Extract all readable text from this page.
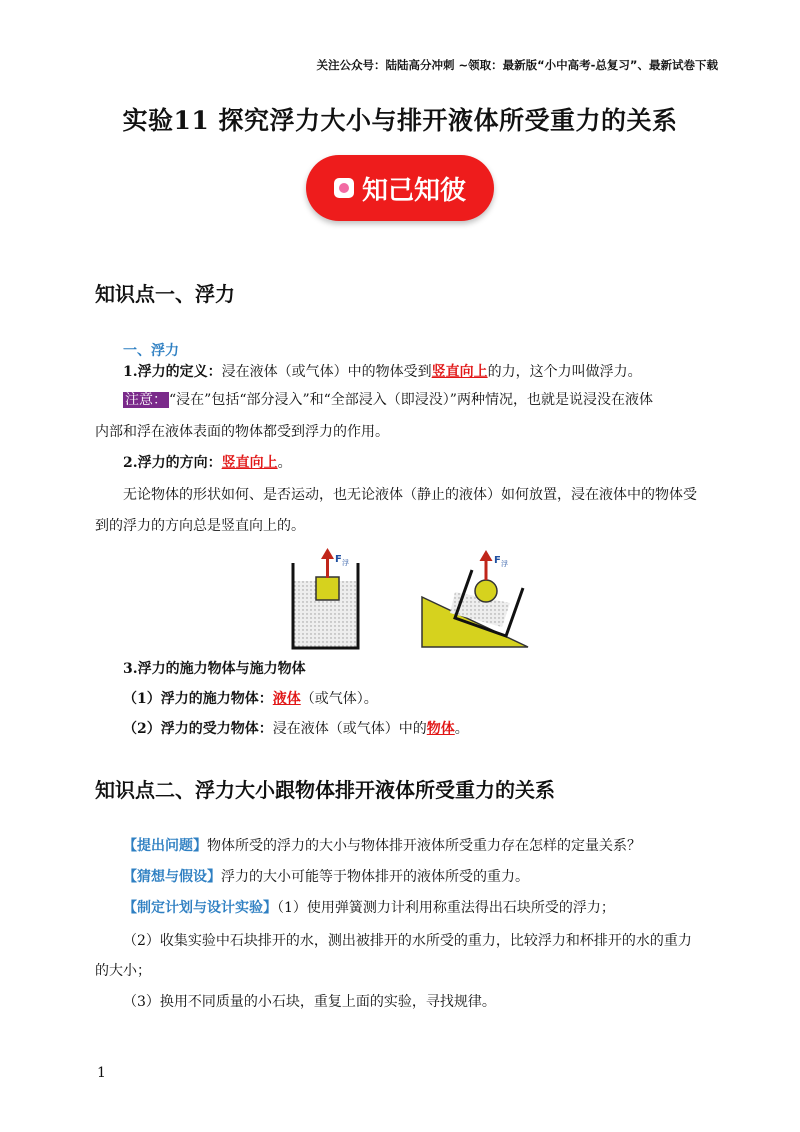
关注公众号：陆陆高分冲刺 ~领取：最新版“小中高考-总复习”、最新试卷下载
实验11 探究浮力大小与排开液体所受重力的关系
知己知彼
知识点一、浮力
一、浮力
1.浮力的定义：浸在液体（或气体）中的物体受到竖直向上的力，这个力叫做浮力。
注意： “浸在”包括“部分浸入”和“全部浸入（即浸没）”两种情况，也就是说浸没在液体
内部和浮在液体表面的物体都受到浮力的作用。
2.浮力的方向：竖直向上。
无论物体的形状如何、是否运动，也无论液体（静止的液体）如何放置，浸在液体中的物体受
到的浮力的方向总是竖直向上的。
F 浮	F 浮
3.浮力的施力物体与施力物体
（1）浮力的施力物体：液体（或气体）。
（2）浮力的受力物体：浸在液体（或气体）中的物体。
知识点二、浮力大小跟物体排开液体所受重力的关系
【提出问题】物体所受的浮力的大小与物体排开液体所受重力存在怎样的定量关系？
【猜想与假设】浮力的大小可能等于物体排开的液体所受的重力。
【制定计划与设计实验】（1）使用弹簧测力计利用称重法得出石块所受的浮力；
（2）收集实验中石块排开的水，测出被排开的水所受的重力，比较浮力和杯排开的水的重力
的大小；
（3）换用不同质量的小石块，重复上面的实验，寻找规律。
1
